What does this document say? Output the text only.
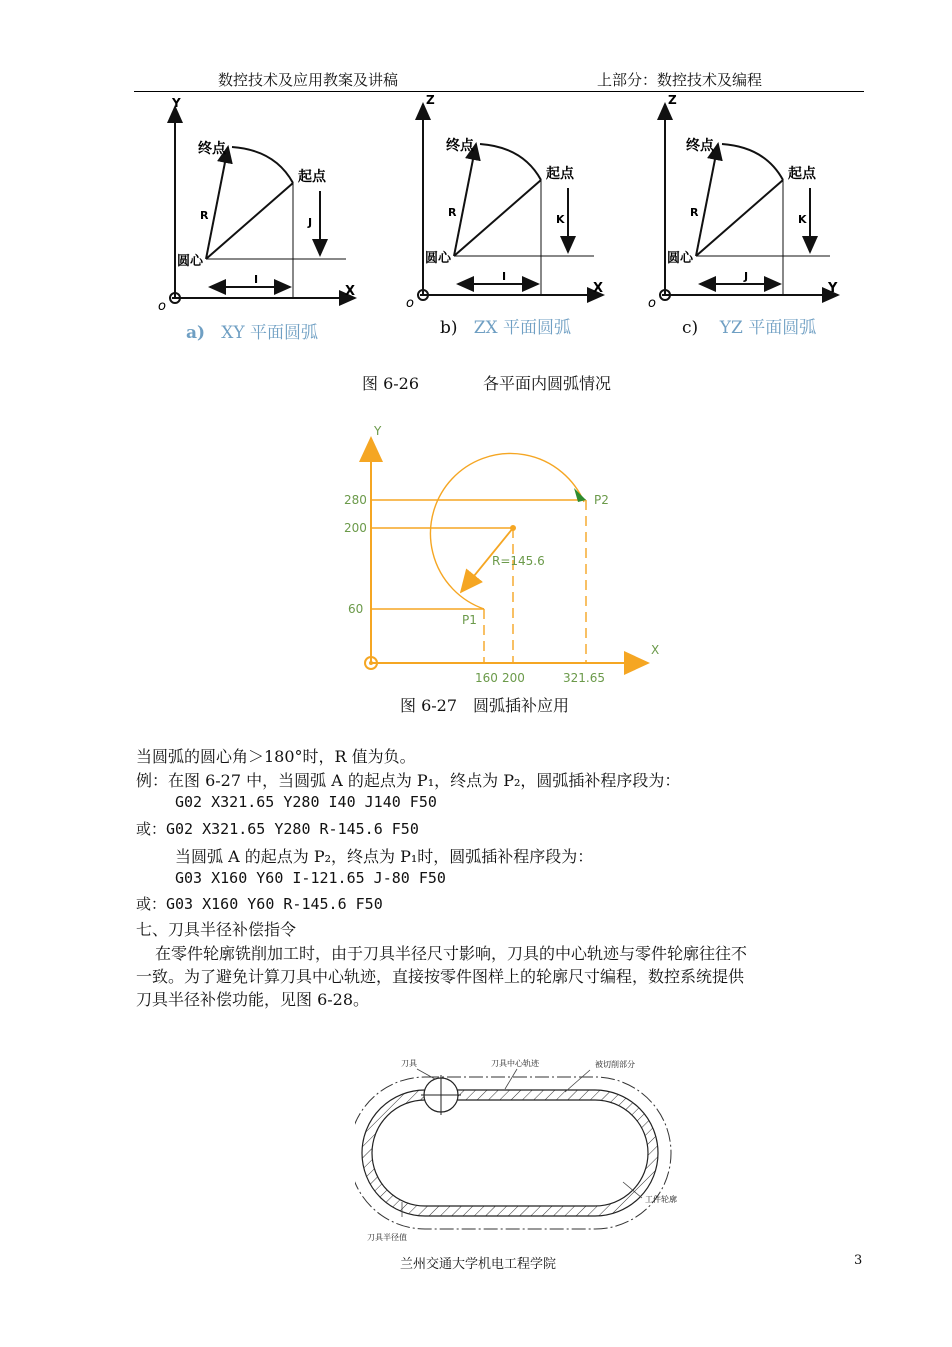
数控技术及应用教案及讲稿	上部分：数控技术及编程
Y
X
o
终点
起点
圆心
R
J
I
Z
X
o
终点
起点
圆心
R
K
I
Z
Y
o
终点
起点
圆心
R
K
J
a) XY 平面圆弧	b) ZX 平面圆弧	c) YZ 平面圆弧
图 6-26	各平面内圆弧情况
Y
X
280
200
60
160 200	321.65
P1
P2
R=145.6
图 6-27　圆弧插补应用
当圆弧的圆心角＞180°时，R 值为负。
例：在图 6-27 中，当圆弧 A 的起点为 P₁，终点为 P₂，圆弧插补程序段为：
G02 X321.65 Y280 I40 J140 F50
或：G02 X321.65 Y280 R-145.6 F50
当圆弧 A 的起点为 P₂，终点为 P₁时，圆弧插补程序段为：
G03 X160 Y60 I-121.65 J-80 F50
或：G03 X160 Y60 R-145.6 F50
七、刀具半径补偿指令
在零件轮廓铣削加工时，由于刀具半径尺寸影响，刀具的中心轨迹与零件轮廓往往不
一致。为了避免计算刀具中心轨迹，直接按零件图样上的轮廓尺寸编程，数控系统提供
刀具半径补偿功能，见图 6-28。
刀具	刀具中心轨迹	被切削部分
工件轮廓
刀具半径值
兰州交通大学机电工程学院	3
